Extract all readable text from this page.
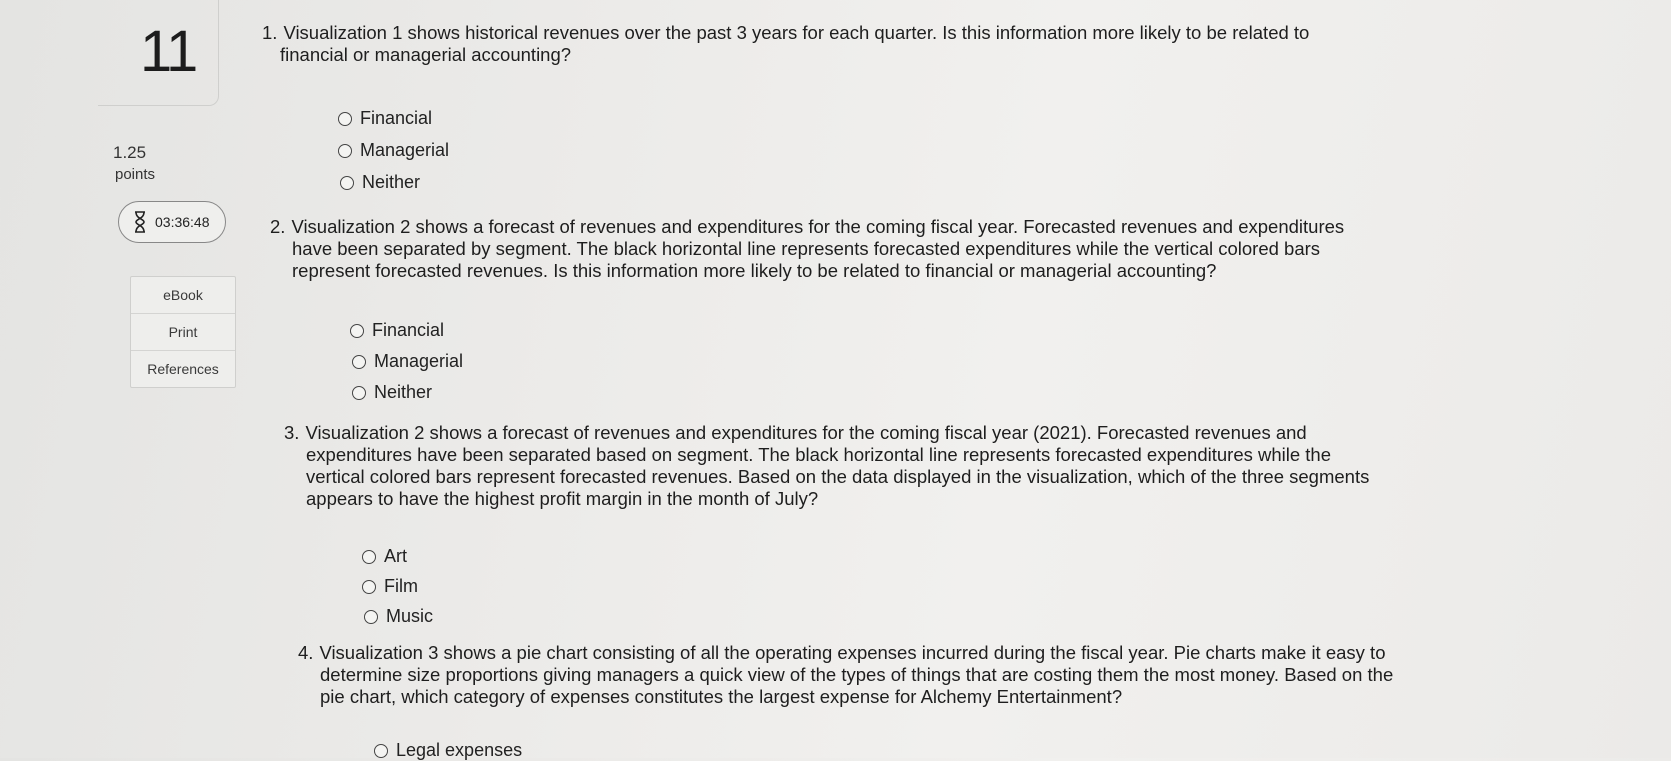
11
1.25
points
03:36:48
eBook
Print
References
1. Visualization 1 shows historical revenues over the past 3 years for each quarter. Is this information more likely to be related to
financial or managerial accounting?
Financial
Managerial
Neither
2. Visualization 2 shows a forecast of revenues and expenditures for the coming fiscal year. Forecasted revenues and expenditures
have been separated by segment. The black horizontal line represents forecasted expenditures while the vertical colored bars
represent forecasted revenues. Is this information more likely to be related to financial or managerial accounting?
Financial
Managerial
Neither
3. Visualization 2 shows a forecast of revenues and expenditures for the coming fiscal year (2021). Forecasted revenues and
expenditures have been separated based on segment. The black horizontal line represents forecasted expenditures while the
vertical colored bars represent forecasted revenues. Based on the data displayed in the visualization, which of the three segments
appears to have the highest profit margin in the month of July?
Art
Film
Music
4. Visualization 3 shows a pie chart consisting of all the operating expenses incurred during the fiscal year. Pie charts make it easy to
determine size proportions giving managers a quick view of the types of things that are costing them the most money. Based on the
pie chart, which category of expenses constitutes the largest expense for Alchemy Entertainment?
Legal expenses
